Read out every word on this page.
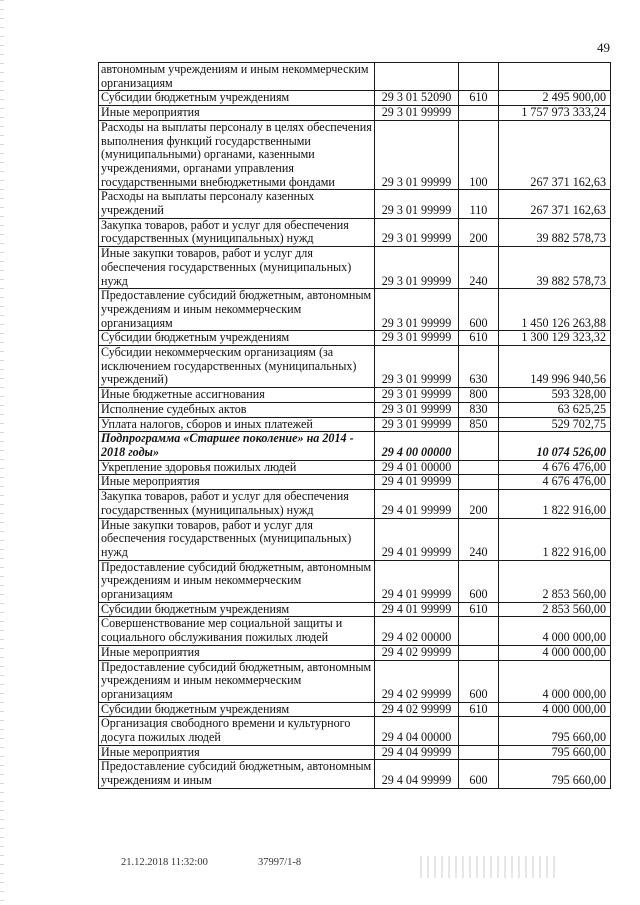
49
автономным учреждениям и иным некоммерческим организациям			
Субсидии бюджетным учреждениям	29 3 01 52090	610	2 495 900,00
Иные мероприятия	29 3 01 99999		1 757 973 333,24
Расходы на выплаты персоналу в целях обеспечения выполнения функций государственными (муниципальными) органами, казенными учреждениями, органами управления государственными внебюджетными фондами	29 3 01 99999	100	267 371 162,63
Расходы на выплаты персоналу казенных учреждений	29 3 01 99999	110	267 371 162,63
Закупка товаров, работ и услуг для обеспечения государственных (муниципальных) нужд	29 3 01 99999	200	39 882 578,73
Иные закупки товаров, работ и услуг для обеспечения государственных (муниципальных) нужд	29 3 01 99999	240	39 882 578,73
Предоставление субсидий бюджетным, автономным учреждениям и иным некоммерческим организациям	29 3 01 99999	600	1 450 126 263,88
Субсидии бюджетным учреждениям	29 3 01 99999	610	1 300 129 323,32
Субсидии некоммерческим организациям (за исключением государственных (муниципальных) учреждений)	29 3 01 99999	630	149 996 940,56
Иные бюджетные ассигнования	29 3 01 99999	800	593 328,00
Исполнение судебных актов	29 3 01 99999	830	63 625,25
Уплата налогов, сборов и иных платежей	29 3 01 99999	850	529 702,75
Подпрограмма «Старшее поколение» на 2014 - 2018 годы»	29 4 00 00000		10 074 526,00
Укрепление здоровья пожилых людей	29 4 01 00000		4 676 476,00
Иные мероприятия	29 4 01 99999		4 676 476,00
Закупка товаров, работ и услуг для обеспечения государственных (муниципальных) нужд	29 4 01 99999	200	1 822 916,00
Иные закупки товаров, работ и услуг для обеспечения государственных (муниципальных) нужд	29 4 01 99999	240	1 822 916,00
Предоставление субсидий бюджетным, автономным учреждениям и иным некоммерческим организациям	29 4 01 99999	600	2 853 560,00
Субсидии бюджетным учреждениям	29 4 01 99999	610	2 853 560,00
Совершенствование мер социальной защиты и социального обслуживания пожилых людей	29 4 02 00000		4 000 000,00
Иные мероприятия	29 4 02 99999		4 000 000,00
Предоставление субсидий бюджетным, автономным учреждениям и иным некоммерческим организациям	29 4 02 99999	600	4 000 000,00
Субсидии бюджетным учреждениям	29 4 02 99999	610	4 000 000,00
Организация свободного времени и культурного досуга пожилых людей	29 4 04 00000		795 660,00
Иные мероприятия	29 4 04 99999		795 660,00
Предоставление субсидий бюджетным, автономным учреждениям и иным	29 4 04 99999	600	795 660,00
21.12.2018 11:32:00	37997/1-8
